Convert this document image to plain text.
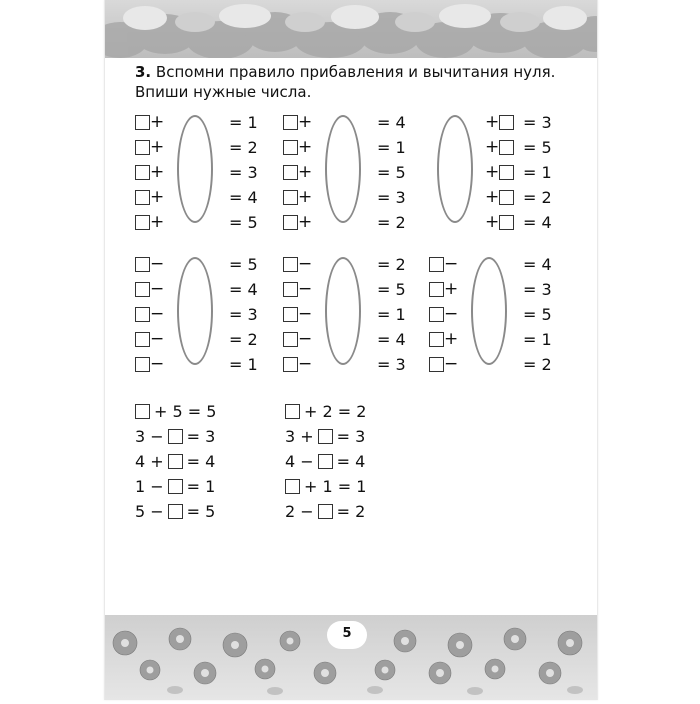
3. Вспомни правило прибавления и вычитания нуля. Впиши нужные числа.
+	= 1
+	= 2
+	= 3
+	= 4
+	= 5
+	= 4
+	= 1
+	= 5
+	= 3
+	= 2
+ = 3
+ = 5
+ = 1
+ = 2
+ = 4
−	= 5
−	= 4
−	= 3
−	= 2
−	= 1
−	= 2
−	= 5
−	= 1
−	= 4
−	= 3
−	= 4
+	= 3
−	= 5
+	= 1
−	= 2
+ 5 = 5
3 − = 3
4 + = 4
1 − = 1
5 − = 5
+ 2 = 2
3 + = 3
4 − = 4
+ 1 = 1
2 − = 2
5
